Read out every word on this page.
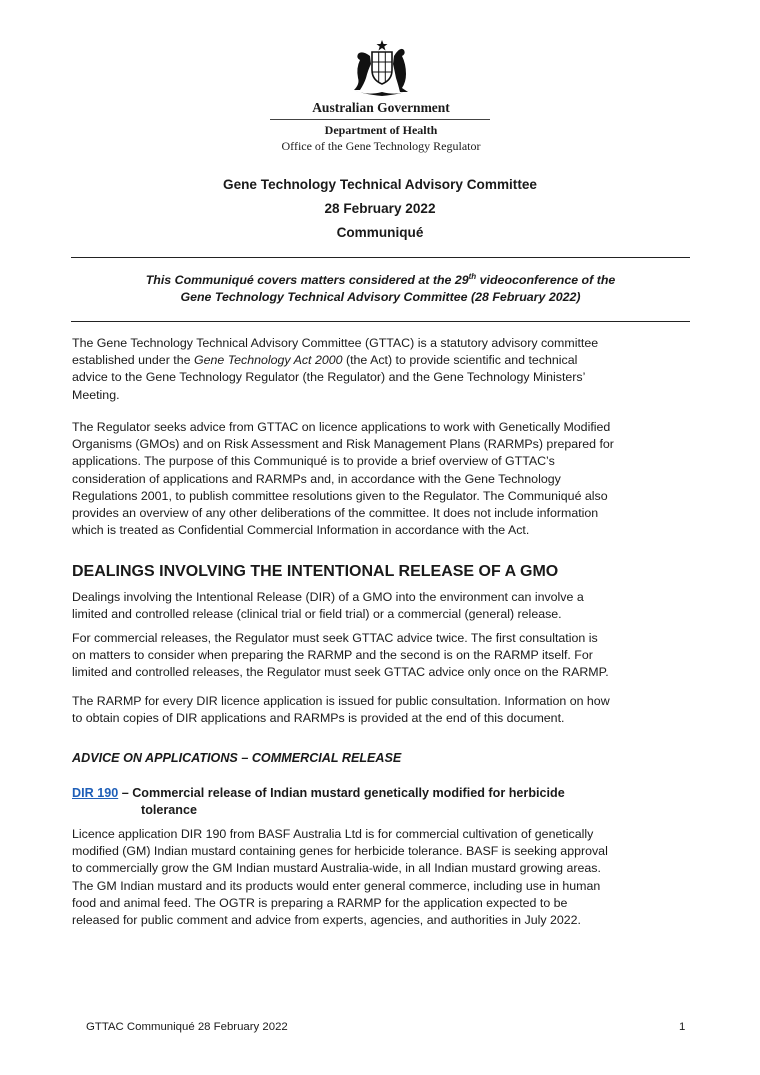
Australian Government
Department of Health
Office of the Gene Technology Regulator
Gene Technology Technical Advisory Committee
28 February 2022
Communiqué
This Communiqué covers matters considered at the 29th videoconference of the
Gene Technology Technical Advisory Committee (28 February 2022)
The Gene Technology Technical Advisory Committee (GTTAC) is a statutory advisory committee
established under the Gene Technology Act 2000 (the Act) to provide scientific and technical
advice to the Gene Technology Regulator (the Regulator) and the Gene Technology Ministers’
Meeting.
The Regulator seeks advice from GTTAC on licence applications to work with Genetically Modified
Organisms (GMOs) and on Risk Assessment and Risk Management Plans (RARMPs) prepared for
applications. The purpose of this Communiqué is to provide a brief overview of GTTAC’s
consideration of applications and RARMPs and, in accordance with the Gene Technology
Regulations 2001, to publish committee resolutions given to the Regulator. The Communiqué also
provides an overview of any other deliberations of the committee. It does not include information
which is treated as Confidential Commercial Information in accordance with the Act.
DEALINGS INVOLVING THE INTENTIONAL RELEASE OF A GMO
Dealings involving the Intentional Release (DIR) of a GMO into the environment can involve a
limited and controlled release (clinical trial or field trial) or a commercial (general) release.
For commercial releases, the Regulator must seek GTTAC advice twice. The first consultation is
on matters to consider when preparing the RARMP and the second is on the RARMP itself. For
limited and controlled releases, the Regulator must seek GTTAC advice only once on the RARMP.
The RARMP for every DIR licence application is issued for public consultation. Information on how
to obtain copies of DIR applications and RARMPs is provided at the end of this document.
ADVICE ON APPLICATIONS – COMMERCIAL RELEASE
DIR 190 – Commercial release of Indian mustard genetically modified for herbicide
tolerance
Licence application DIR 190 from BASF Australia Ltd is for commercial cultivation of genetically
modified (GM) Indian mustard containing genes for herbicide tolerance. BASF is seeking approval
to commercially grow the GM Indian mustard Australia-wide, in all Indian mustard growing areas.
The GM Indian mustard and its products would enter general commerce, including use in human
food and animal feed. The OGTR is preparing a RARMP for the application expected to be
released for public comment and advice from experts, agencies, and authorities in July 2022.
GTTAC Communiqué 28 February 2022	1
